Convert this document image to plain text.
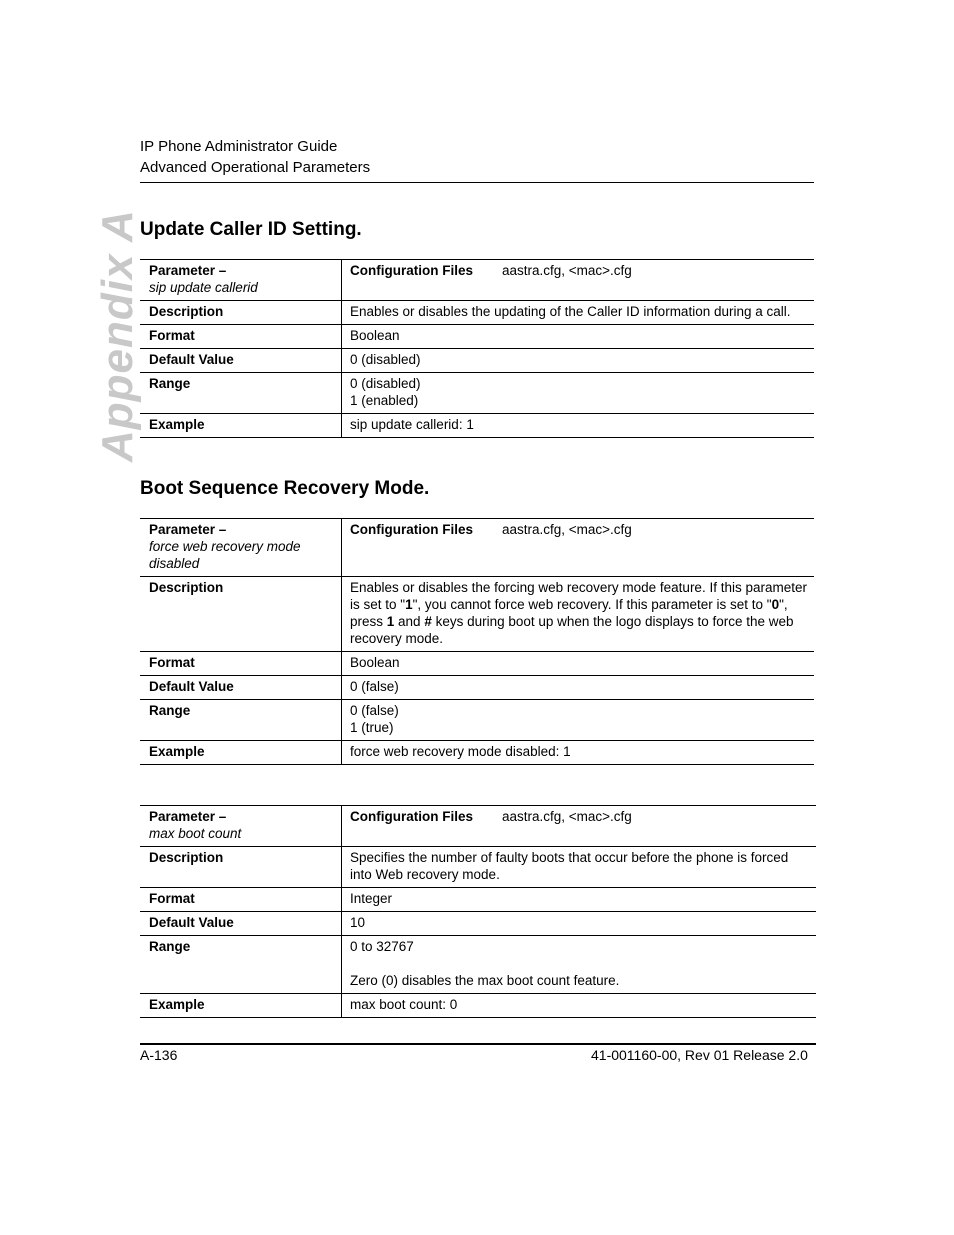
IP Phone Administrator Guide
Advanced Operational Parameters
Appendix A
Update Caller ID Setting.
Parameter –
sip update callerid	Configuration Files aastra.cfg, <mac>.cfg
Description	Enables or disables the updating of the Caller ID information during a call.
Format	Boolean
Default Value	0 (disabled)
Range	0 (disabled)
1 (enabled)

Example	sip update callerid: 1
Boot Sequence Recovery Mode.
Parameter –
force web recovery mode disabled	Configuration Files aastra.cfg, <mac>.cfg
Description	Enables or disables the forcing web recovery mode feature. If this parameter is set to "1", you cannot force web recovery. If this parameter is set to "0", press 1 and # keys during boot up when the logo displays to force the web recovery mode.
Format	Boolean
Default Value	0 (false)
Range	0 (false)
1 (true)

Example	force web recovery mode disabled: 1
Parameter –
max boot count	Configuration Files aastra.cfg, <mac>.cfg
Description	Specifies the number of faulty boots that occur before the phone is forced into Web recovery mode.
Format	Integer
Default Value	10
Range	0 to 32767
Zero (0) disables the max boot count feature.

Example	max boot count: 0
A-136	41-001160-00, Rev 01 Release 2.0
